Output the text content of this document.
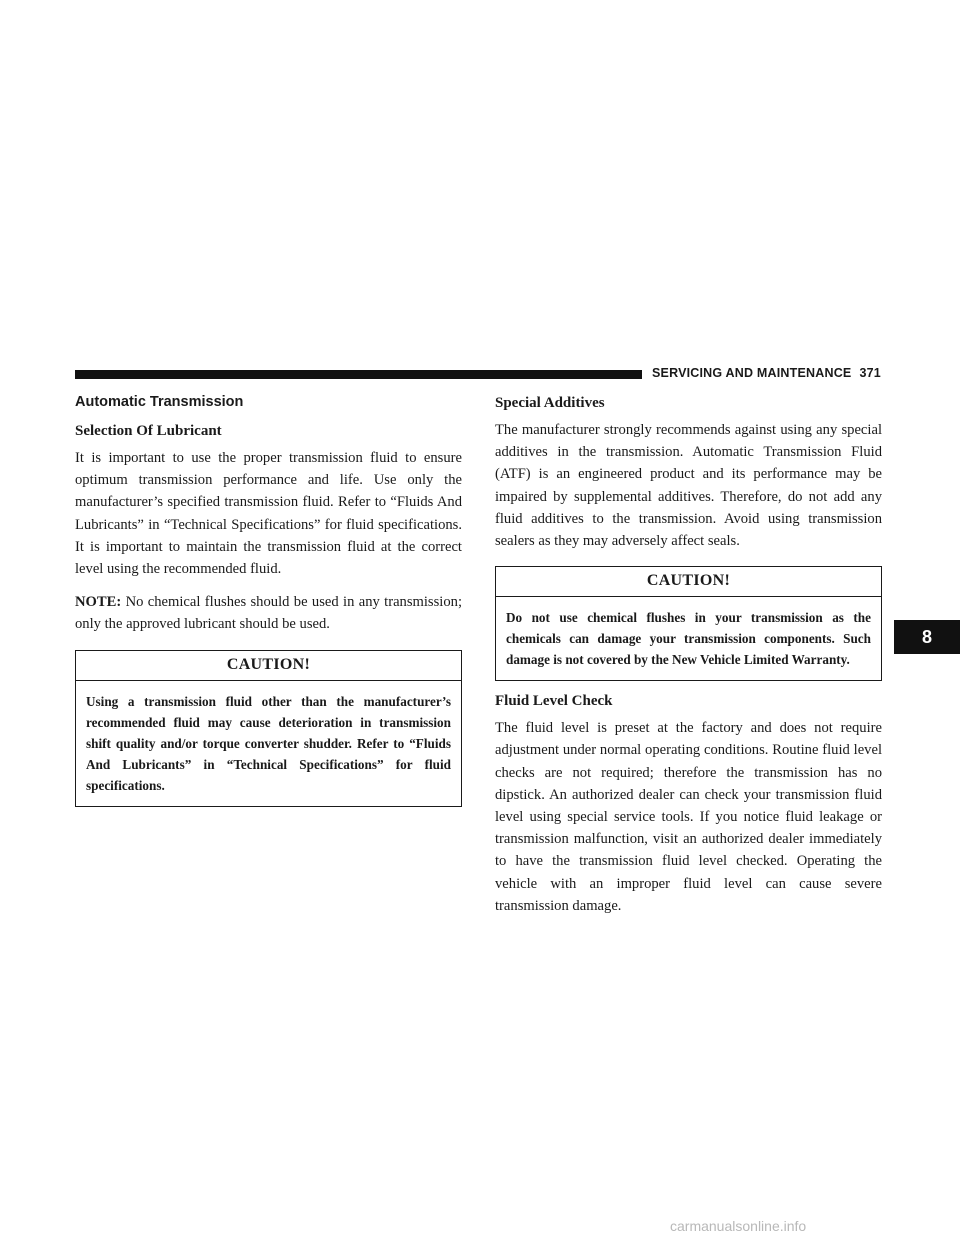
SERVICING AND MAINTENANCE 371
Automatic Transmission
Selection Of Lubricant

It is important to use the proper transmission fluid to ensure optimum transmission performance and life. Use only the manufacturer’s specified transmission fluid. Refer to “Fluids And Lubricants” in “Technical Specifications” for fluid specifications. It is important to maintain the transmission fluid at the correct level using the recommended fluid.

NOTE: No chemical flushes should be used in any transmission; only the approved lubricant should be used.

CAUTION!
Using a transmission fluid other than the manufacturer’s recommended fluid may cause deterioration in transmission shift quality and/or torque converter shudder. Refer to “Fluids And Lubricants” in “Technical Specifications” for fluid specifications.
Special Additives

The manufacturer strongly recommends against using any special additives in the transmission. Automatic Transmission Fluid (ATF) is an engineered product and its performance may be impaired by supplemental additives. Therefore, do not add any fluid additives to the transmission. Avoid using transmission sealers as they may adversely affect seals.

CAUTION!
Do not use chemical flushes in your transmission as the chemicals can damage your transmission components. Such damage is not covered by the New Vehicle Limited Warranty.
Fluid Level Check

The fluid level is preset at the factory and does not require adjustment under normal operating conditions. Routine fluid level checks are not required; therefore the transmission has no dipstick. An authorized dealer can check your transmission fluid level using special service tools. If you notice fluid leakage or transmission malfunction, visit an authorized dealer immediately to have the transmission fluid level checked. Operating the vehicle with an improper fluid level can cause severe transmission damage.

8
carmanualsonline.info
